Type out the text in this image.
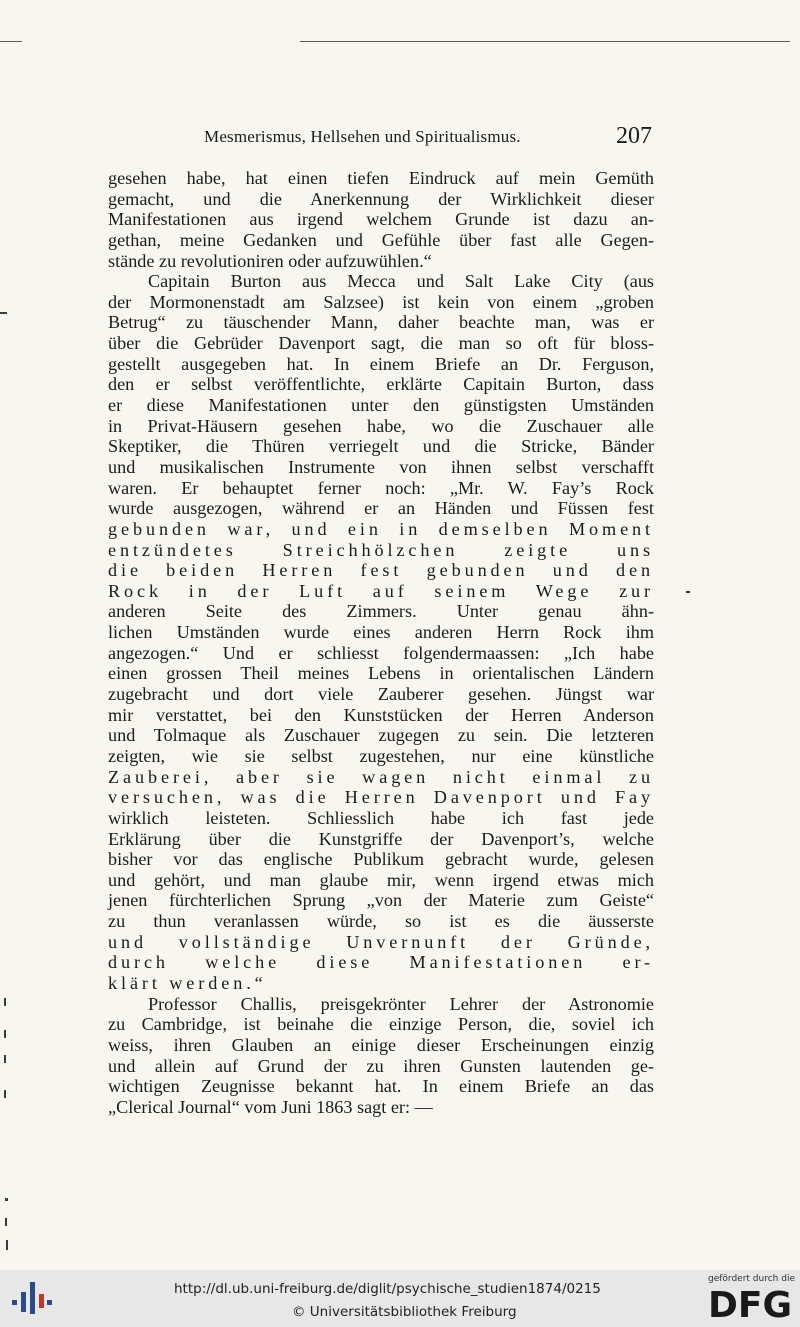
Mesmerismus, Hellsehen und Spiritualismus.	207
gesehen habe, hat einen tiefen Eindruck auf mein Gemüth
gemacht, und die Anerkennung der Wirklichkeit dieser
Manifestationen aus irgend welchem Grunde ist dazu an-
gethan, meine Gedanken und Gefühle über fast alle Gegen-
stände zu revolutioniren oder aufzuwühlen.“
Capitain Burton aus Mecca und Salt Lake City (aus
der Mormonenstadt am Salzsee) ist kein von einem „groben
Betrug“ zu täuschender Mann, daher beachte man, was er
über die Gebrüder Davenport sagt, die man so oft für bloss-
gestellt ausgegeben hat. In einem Briefe an Dr. Ferguson,
den er selbst veröffentlichte, erklärte Capitain Burton, dass
er diese Manifestationen unter den günstigsten Umständen
in Privat-Häusern gesehen habe, wo die Zuschauer alle
Skeptiker, die Thüren verriegelt und die Stricke, Bänder
und musikalischen Instrumente von ihnen selbst verschafft
waren. Er behauptet ferner noch: „Mr. W. Fay’s Rock
wurde ausgezogen, während er an Händen und Füssen fest
gebunden war, und ein in demselben Moment
entzündetes Streichhölzchen zeigte uns
die beiden Herren fest gebunden und den
Rock in der Luft auf seinem Wege zur
anderen Seite des Zimmers. Unter genau ähn-
lichen Umständen wurde eines anderen Herrn Rock ihm
angezogen.“ Und er schliesst folgendermaassen: „Ich habe
einen grossen Theil meines Lebens in orientalischen Ländern
zugebracht und dort viele Zauberer gesehen. Jüngst war
mir verstattet, bei den Kunststücken der Herren Anderson
und Tolmaque als Zuschauer zugegen zu sein. Die letzteren
zeigten, wie sie selbst zugestehen, nur eine künstliche
Zauberei, aber sie wagen nicht einmal zu
versuchen, was die Herren Davenport und Fay
wirklich leisteten. Schliesslich habe ich fast jede
Erklärung über die Kunstgriffe der Davenport’s, welche
bisher vor das englische Publikum gebracht wurde, gelesen
und gehört, und man glaube mir, wenn irgend etwas mich
jenen fürchterlichen Sprung „von der Materie zum Geiste“
zu thun veranlassen würde, so ist es die äusserste
und vollständige Unvernunft der Gründe,
durch welche diese Manifestationen er-
klärt werden.“
Professor Challis, preisgekrönter Lehrer der Astronomie
zu Cambridge, ist beinahe die einzige Person, die, soviel ich
weiss, ihren Glauben an einige dieser Erscheinungen einzig
und allein auf Grund der zu ihren Gunsten lautenden ge-
wichtigen Zeugnisse bekannt hat. In einem Briefe an das
„Clerical Journal“ vom Juni 1863 sagt er: —
http://dl.ub.uni-freiburg.de/diglit/psychische_studien1874/0215
© Universitätsbibliothek Freiburg
gefördert durch die
DFG
